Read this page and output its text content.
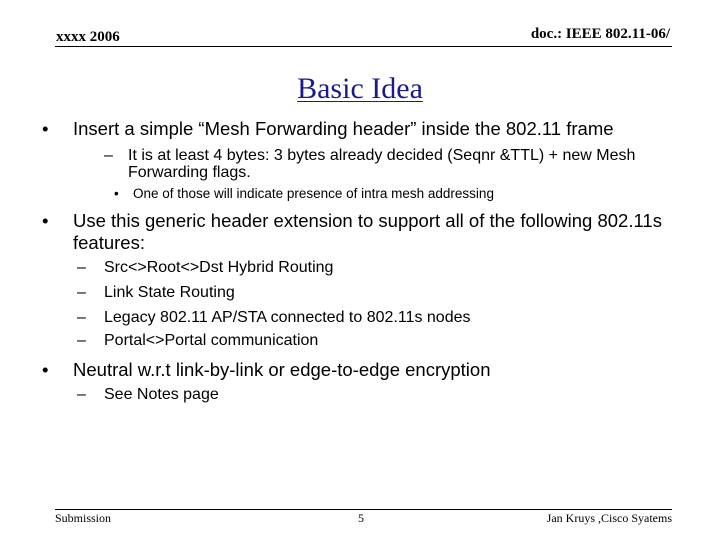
xxxx 2006	doc.: IEEE 802.11-06/
Basic Idea
• Insert a simple “Mesh Forwarding header” inside the 802.11 frame
– It is at least 4 bytes: 3 bytes already decided (Seqnr &TTL) + new Mesh Forwarding flags.
• One of those will indicate presence of intra mesh addressing
• Use this generic header extension to support all of the following 802.11s features:
– Src<>Root<>Dst Hybrid Routing
– Link State Routing
– Legacy 802.11 AP/STA connected to 802.11s nodes
– Portal<>Portal communication
• Neutral w.r.t link-by-link or edge-to-edge encryption
– See Notes page
Submission	5	Jan Kruys ,Cisco Syatems
